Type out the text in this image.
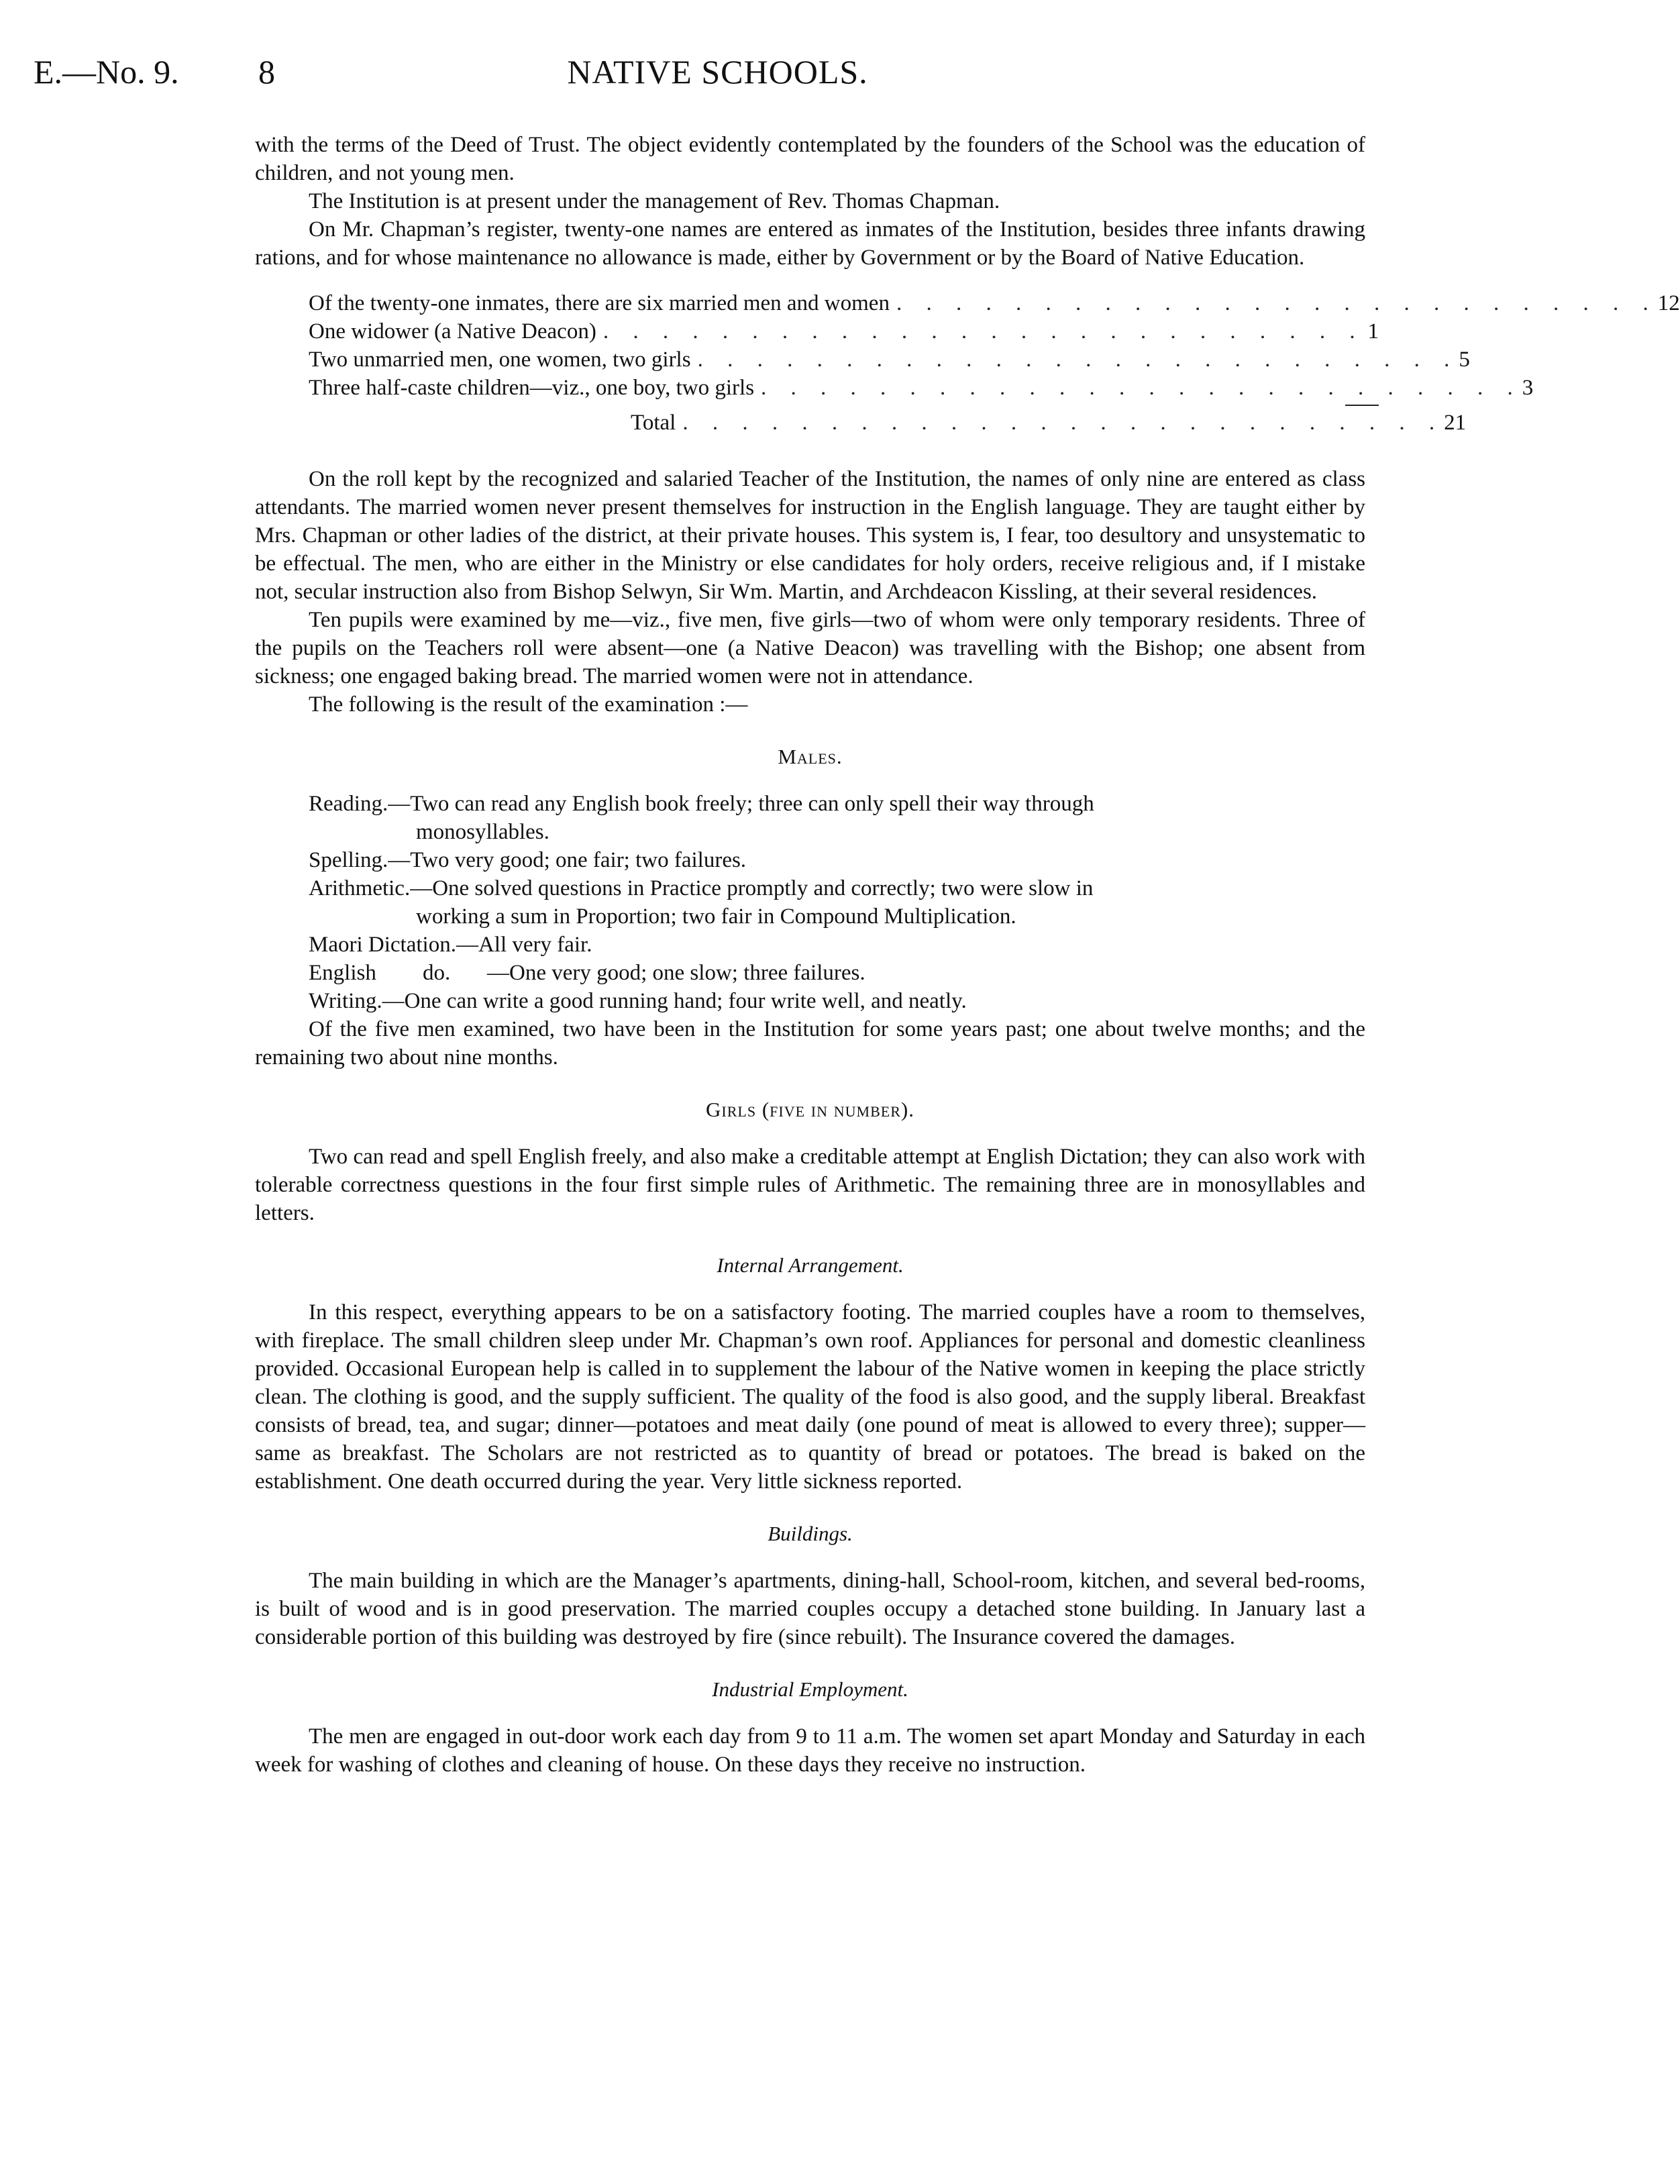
E.—No. 9. 8	NATIVE SCHOOLS.

with the terms of the Deed of Trust. The object evidently contemplated by the founders of the School was the education of children, and not young men.

The Institution is at present under the management of Rev. Thomas Chapman.

On Mr. Chapman’s register, twenty-one names are entered as inmates of the Institution, besides three infants drawing rations, and for whose maintenance no allowance is made, either by Government or by the Board of Native Education.

Of the twenty-one inmates, there are six married men and women . . . . . . . . . . . . . . . . . . . . . . . . . . 12
One widower (a Native Deacon) . . . . . . . . . . . . . . . . . . . . . . . . . . 1
Two unmarried men, one women, two girls . . . . . . . . . . . . . . . . . . . . . . . . . . 5
Three half-caste children—viz., one boy, two girls . . . . . . . . . . . . . . . . . . . . . . . . . . 3
Total . . . . . . . . . . . . . . . . . . . . . . . . . . 21

On the roll kept by the recognized and salaried Teacher of the Institution, the names of only nine are entered as class attendants. The married women never present themselves for instruction in the English language. They are taught either by Mrs. Chapman or other ladies of the district, at their private houses. This system is, I fear, too desultory and unsystematic to be effectual. The men, who are either in the Ministry or else candidates for holy orders, receive religious and, if I mistake not, secular instruction also from Bishop Selwyn, Sir Wm. Martin, and Archdeacon Kissling, at their several residences.

Ten pupils were examined by me—viz., five men, five girls—two of whom were only temporary residents. Three of the pupils on the Teachers roll were absent—one (a Native Deacon) was travelling with the Bishop; one absent from sickness; one engaged baking bread. The married women were not in attendance.

The following is the result of the examination :—

Males.
Reading.—Two can read any English book freely; three can only spell their way through
monosyllables.
Spelling.—Two very good; one fair; two failures.
Arithmetic.—One solved questions in Practice promptly and correctly; two were slow in
working a sum in Proportion; two fair in Compound Multiplication.
Maori Dictation.—All very fair.
English do. —One very good; one slow; three failures.
Writing.—One can write a good running hand; four write well, and neatly.

Of the five men examined, two have been in the Institution for some years past; one about twelve months; and the remaining two about nine months.

Girls (five in number).

Two can read and spell English freely, and also make a creditable attempt at English Dictation; they can also work with tolerable correctness questions in the four first simple rules of Arithmetic. The remaining three are in monosyllables and letters.

Internal Arrangement.

In this respect, everything appears to be on a satisfactory footing. The married couples have a room to themselves, with fireplace. The small children sleep under Mr. Chapman’s own roof. Appliances for personal and domestic cleanliness provided. Occasional European help is called in to supplement the labour of the Native women in keeping the place strictly clean. The clothing is good, and the supply sufficient. The quality of the food is also good, and the supply liberal. Breakfast consists of bread, tea, and sugar; dinner—potatoes and meat daily (one pound of meat is allowed to every three); supper—same as breakfast. The Scholars are not restricted as to quantity of bread or potatoes. The bread is baked on the establishment. One death occurred during the year. Very little sickness reported.

Buildings.

The main building in which are the Manager’s apartments, dining-hall, School-room, kitchen, and several bed-rooms, is built of wood and is in good preservation. The married couples occupy a detached stone building. In January last a considerable portion of this building was destroyed by fire (since rebuilt). The Insurance covered the damages.

Industrial Employment.

The men are engaged in out-door work each day from 9 to 11 a.m. The women set apart Monday and Saturday in each week for washing of clothes and cleaning of house. On these days they receive no instruction.
